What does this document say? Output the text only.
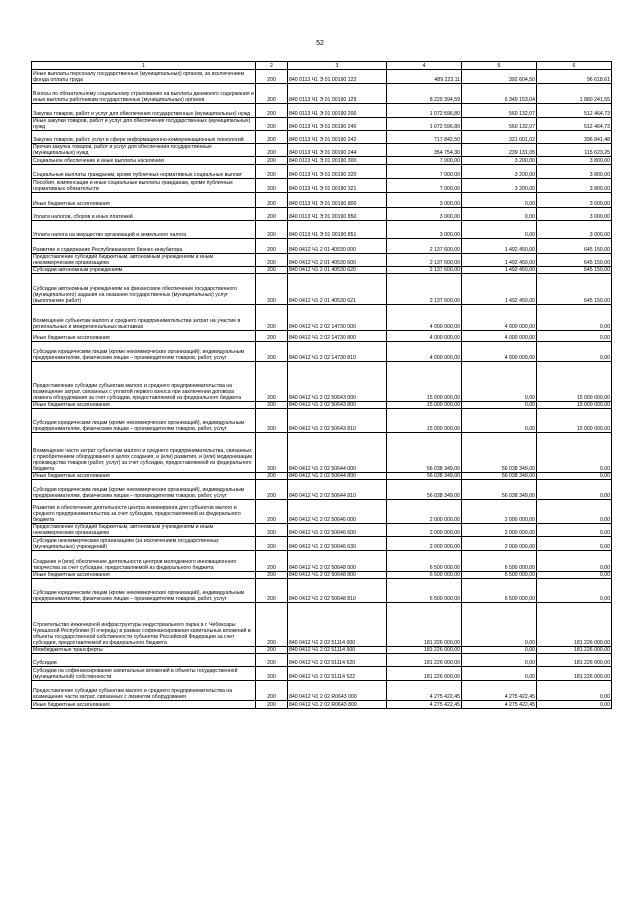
52
1	2	3	4	5	6
Иные выплаты персоналу государственных (муниципальных) органов, за исключением фонда оплаты труда	200	840 0113 Ч1 Э 01 00190 122	489 223,11	392 604,50	96 618,61
Взносы по обязательному социальному страхованию на выплаты денежного содержания и иные выплаты работникам государственных (муниципальных) органов	200	840 0113 Ч1 Э 01 00190 129	8 229 394,59	6 349 153,04	1 880 241,55
Закупка товаров, работ и услуг для обеспечения государственных (муниципальных) нужд	200	840 0113 Ч1 Э 01 00190 200	1 072 596,80	560 132,07	512 464,73
Иные закупки товаров, работ и услуг для обеспечения государственных (муниципальных) нужд	200	840 0113 Ч1 Э 01 00190 240	1 072 596,80	560 132,07	512 464,73
Закупка товаров, работ, услуг в сфере информационно-коммуникационных технологий	200	840 0113 Ч1 Э 01 00190 242	717 842,50	321 001,02	396 841,48
Прочая закупка товаров, работ и услуг для обеспечения государственных (муниципальных) нужд	200	840 0113 Ч1 Э 01 00190 244	354 754,30	239 131,05	115 623,25
Социальное обеспечение и иные выплаты населению	200	840 0113 Ч1 Э 01 00190 300	7 000,00	3 200,00	3 800,00
Социальные выплаты гражданам, кроме публичных нормативных социальных выплат	200	840 0113 Ч1 Э 01 00190 320	7 000,00	3 200,00	3 800,00
Пособия, компенсации и иные социальные выплаты гражданам, кроме публичных нормативных обязательств	200	840 0113 Ч1 Э 01 00190 321	7 000,00	3 200,00	3 800,00
Иные бюджетные ассигнования	200	840 0113 Ч1 Э 01 00190 800	3 000,00	0,00	3 000,00
Уплата налогов, сборов и иных платежей	200	840 0113 Ч1 Э 01 00190 850	3 000,00	0,00	3 000,00
Уплата налога на имущество организаций и земельного налога	200	840 0113 Ч1 Э 01 00190 851	3 000,00	0,00	3 000,00
Развитие и содержание Республиканского бизнес-инкубатора	200	840 0412 Ч1 2 01 40530 000	2 137 600,00	1 492 450,00	645 150,00
Предоставление субсидий бюджетным, автономным учреждениям и иным некоммерческим организациям	200	840 0412 Ч1 2 01 40530 600	2 137 600,00	1 492 450,00	645 150,00
Субсидии автономным учреждениям	200	840 0412 Ч1 2 01 40530 620	2 137 600,00	1 492 450,00	645 150,00
Субсидии автономным учреждениям на финансовое обеспечение государственного (муниципального) задания на оказание государственных (муниципальных) услуг (выполнение работ)	200	840 0412 Ч1 2 01 40530 621	2 137 600,00	1 492 450,00	645 150,00
Возмещение субъектам малого и среднего предпринимательства затрат на участие в региональных и межрегиональных выставках	200	840 0412 Ч1 2 02 14730 000	4 000 000,00	4 000 000,00	0,00
Иные бюджетные ассигнования	200	840 0412 Ч1 2 02 14730 800	4 000 000,00	4 000 000,00	0,00
Субсидии юридическим лицам (кроме некоммерческих организаций), индивидуальным предпринимателям, физическим лицам – производителям товаров, работ, услуг	200	840 0412 Ч1 2 02 14730 810	4 000 000,00	4 000 000,00	0,00
Предоставление субсидии субъектам малого и среднего предпринимательства на возмещение затрат, связанных с уплатой первого взноса при заключении договора лизинга оборудования за счет субсидии, предоставляемой из федерального бюджета	200	840 0412 Ч1 2 02 50643 000	15 000 000,00	0,00	15 000 000,00
Иные бюджетные ассигнования	200	840 0412 Ч1 2 02 50643 800	15 000 000,00	0,00	15 000 000,00
Субсидии юридическим лицам (кроме некоммерческих организаций), индивидуальным предпринимателям, физическим лицам – производителям товаров, работ, услуг	200	840 0412 Ч1 2 02 50643 810	15 000 000,00	0,00	15 000 000,00
Возмещение части затрат субъектам малого и среднего предпринимательства, связанных с приобретением оборудования в целях создания, и (или) развития, и (или) модернизации производства товаров (работ, услуг) за счет субсидии, предоставляемой из федерального бюджета	200	840 0412 Ч1 2 02 50644 000	56 038 349,00	56 038 349,00	0,00
Иные бюджетные ассигнования	200	840 0412 Ч1 2 02 50644 800	56 038 349,00	56 038 349,00	0,00
Субсидии юридическим лицам (кроме некоммерческих организаций), индивидуальным предпринимателям, физическим лицам – производителям товаров, работ, услуг	200	840 0412 Ч1 2 02 50644 810	56 038 349,00	56 038 349,00	0,00
Развитие и обеспечение деятельности центра инжиниринга для субъектов малого и среднего предпринимательства за счет субсидии, предоставляемой из федерального бюджета	200	840 0412 Ч1 2 02 50646 000	2 000 000,00	2 000 000,00	0,00
Предоставление субсидий бюджетным, автономным учреждениям и иным некоммерческим организациям	200	840 0412 Ч1 2 02 50646 600	2 000 000,00	2 000 000,00	0,00
Субсидии некоммерческим организациям (за исключением государственных (муниципальных) учреждений)	200	840 0412 Ч1 2 02 50646 630	2 000 000,00	2 000 000,00	0,00
Создание и (или) обеспечение деятельности центров молодежного инновационного творчества за счет субсидии, предоставляемой из федерального бюджета	200	840 0412 Ч1 2 02 50648 000	6 500 000,00	6 500 000,00	0,00
Иные бюджетные ассигнования	200	840 0412 Ч1 2 02 50648 800	6 500 000,00	6 500 000,00	0,00
Субсидии юридическим лицам (кроме некоммерческих организаций), индивидуальным предпринимателям, физическим лицам – производителям товаров, работ, услуг	200	840 0412 Ч1 2 02 50648 810	6 500 000,00	6 500 000,00	0,00
Строительство инженерной инфраструктуры индустриального парка в г. Чебоксары Чувашской Республики (II очередь) в рамках софинансирования капитальных вложений в объекты государственной собственности субъектов Российской Федерации за счет субсидии, предоставляемой из федерального бюджета	200	840 0412 Ч1 2 02 51114 000	181 226 000,00	0,00	181 226 000,00
Межбюджетные трансферты	200	840 0412 Ч1 2 02 51114 500	181 226 000,00	0,00	181 226 000,00
Субсидии	200	840 0412 Ч1 2 02 51114 520	181 226 000,00	0,00	181 226 000,00
Субсидии на софинансирование капитальных вложений в объекты государственной (муниципальной) собственности	200	840 0412 Ч1 2 02 51114 522	181 226 000,00	0,00	181 226 000,00
Предоставление субсидии субъектам малого и среднего предпринимательства на возмещение части затрат, связанных с лизингом оборудования	200	840 0412 Ч1 2 02 R0643 000	4 275 422,45	4 275 422,45	0,00
Иные бюджетные ассигнования	200	840 0412 Ч1 2 02 R0643 800	4 275 422,45	4 275 422,45	0,00
